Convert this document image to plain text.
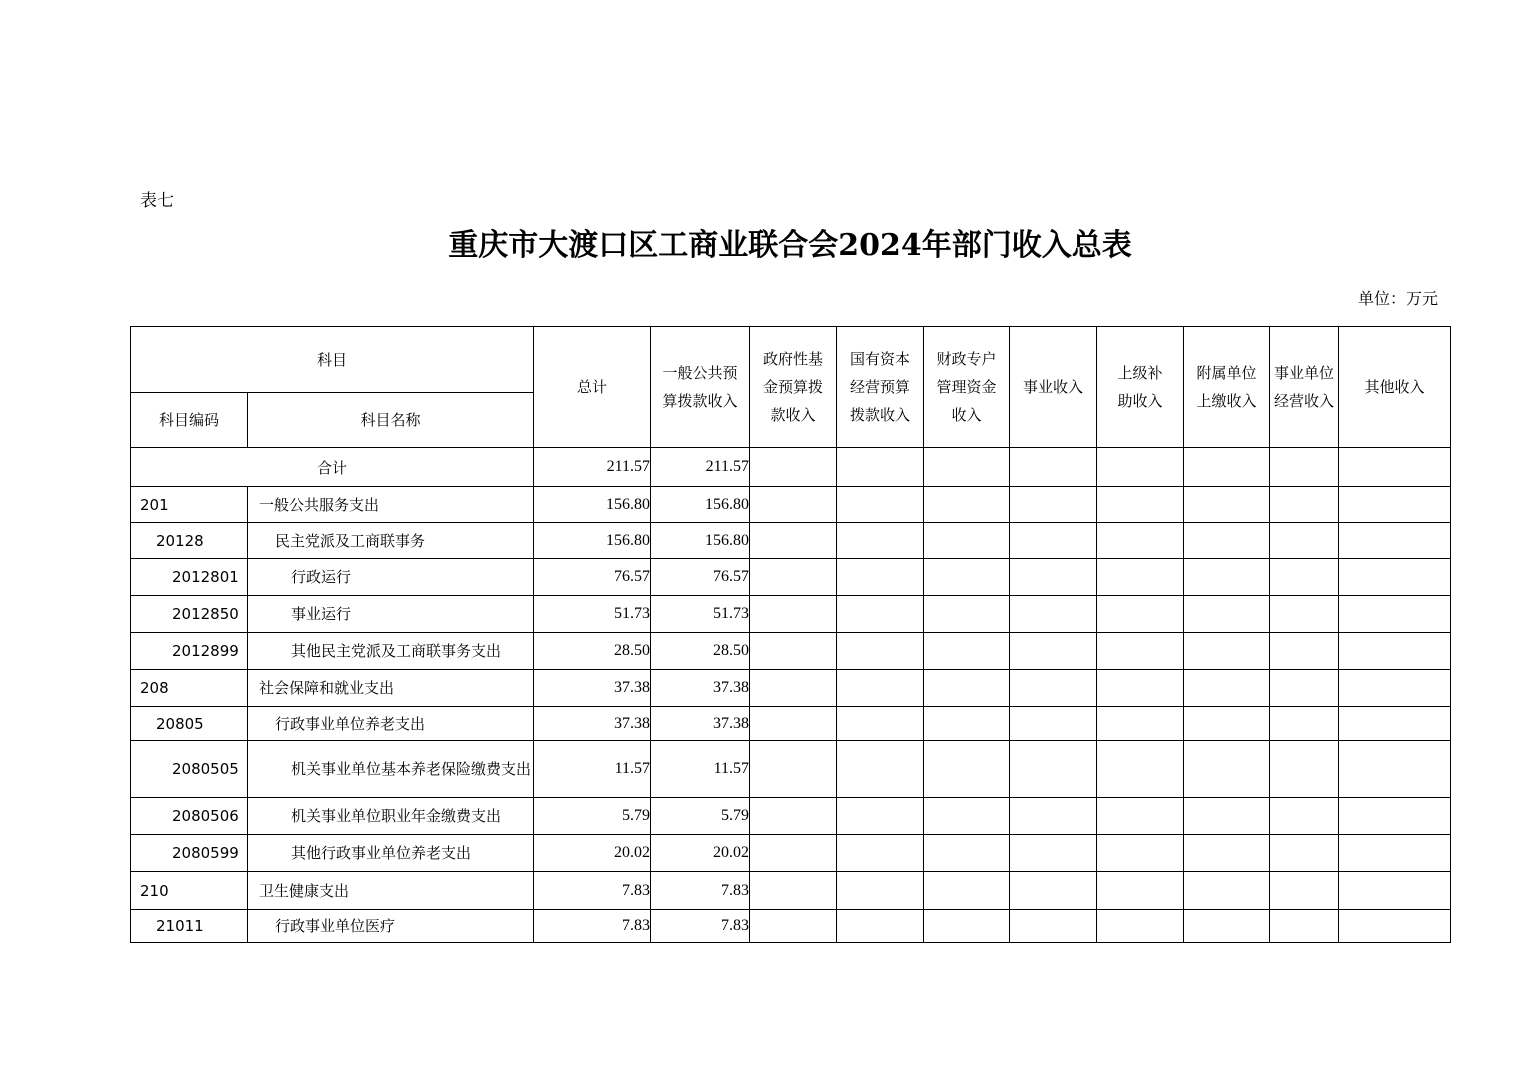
表七
重庆市大渡口区工商业联合会2024年部门收入总表
单位：万元
科目		总计	一般公共预算拨款收入	政府性基金预算拨款收入	国有资本经营预算拨款收入	财政专户管理资金收入	事业收入	上级补助收入	附属单位上缴收入	事业单位经营收入	其他收入
科目编码	科目名称										
合计		211.57	211.57								
201	一般公共服务支出	156.80	156.80								
20128	民主党派及工商联事务	156.80	156.80								
2012801	行政运行	76.57	76.57								
2012850	事业运行	51.73	51.73								
2012899	其他民主党派及工商联事务支出	28.50	28.50								
208	社会保障和就业支出	37.38	37.38								
20805	行政事业单位养老支出	37.38	37.38								
2080505	机关事业单位基本养老保险缴费支出	11.57	11.57								
2080506	机关事业单位职业年金缴费支出	5.79	5.79								
2080599	其他行政事业单位养老支出	20.02	20.02								
210	卫生健康支出	7.83	7.83								
21011	行政事业单位医疗	7.83	7.83								
